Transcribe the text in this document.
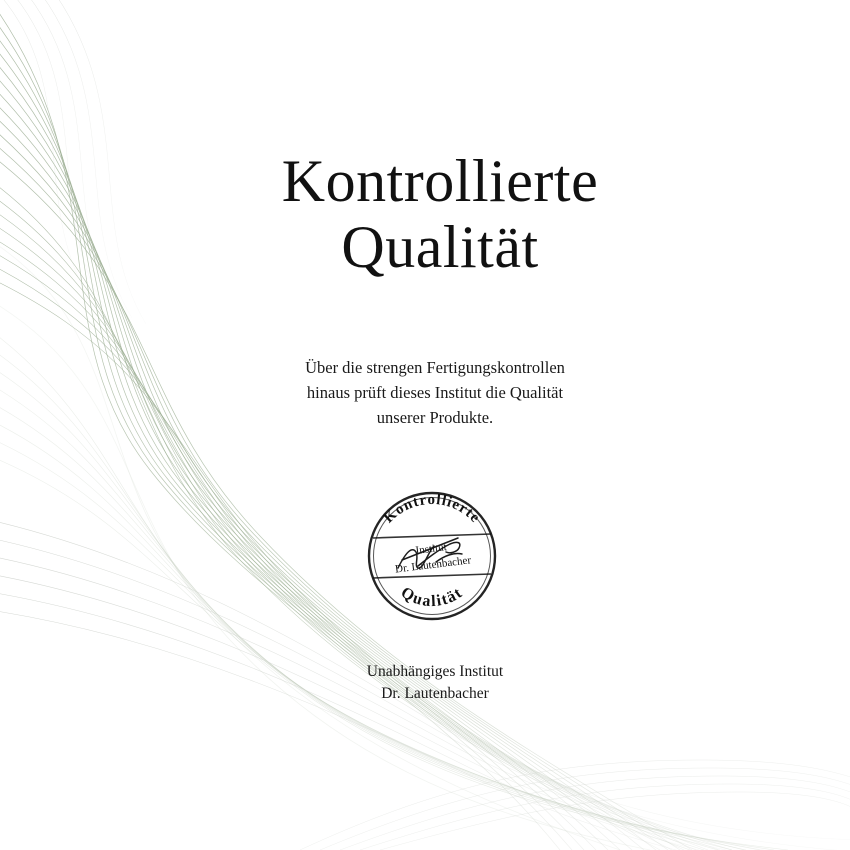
Kontrollierte
Qualität

Über die strengen Fertigungskontrollen
hinaus prüft dieses Institut die Qualität
unserer Produkte.

Kontrollierte
Qualität
Institut
Dr. Lautenbacher

Unabhängiges Institut
Dr. Lautenbacher
